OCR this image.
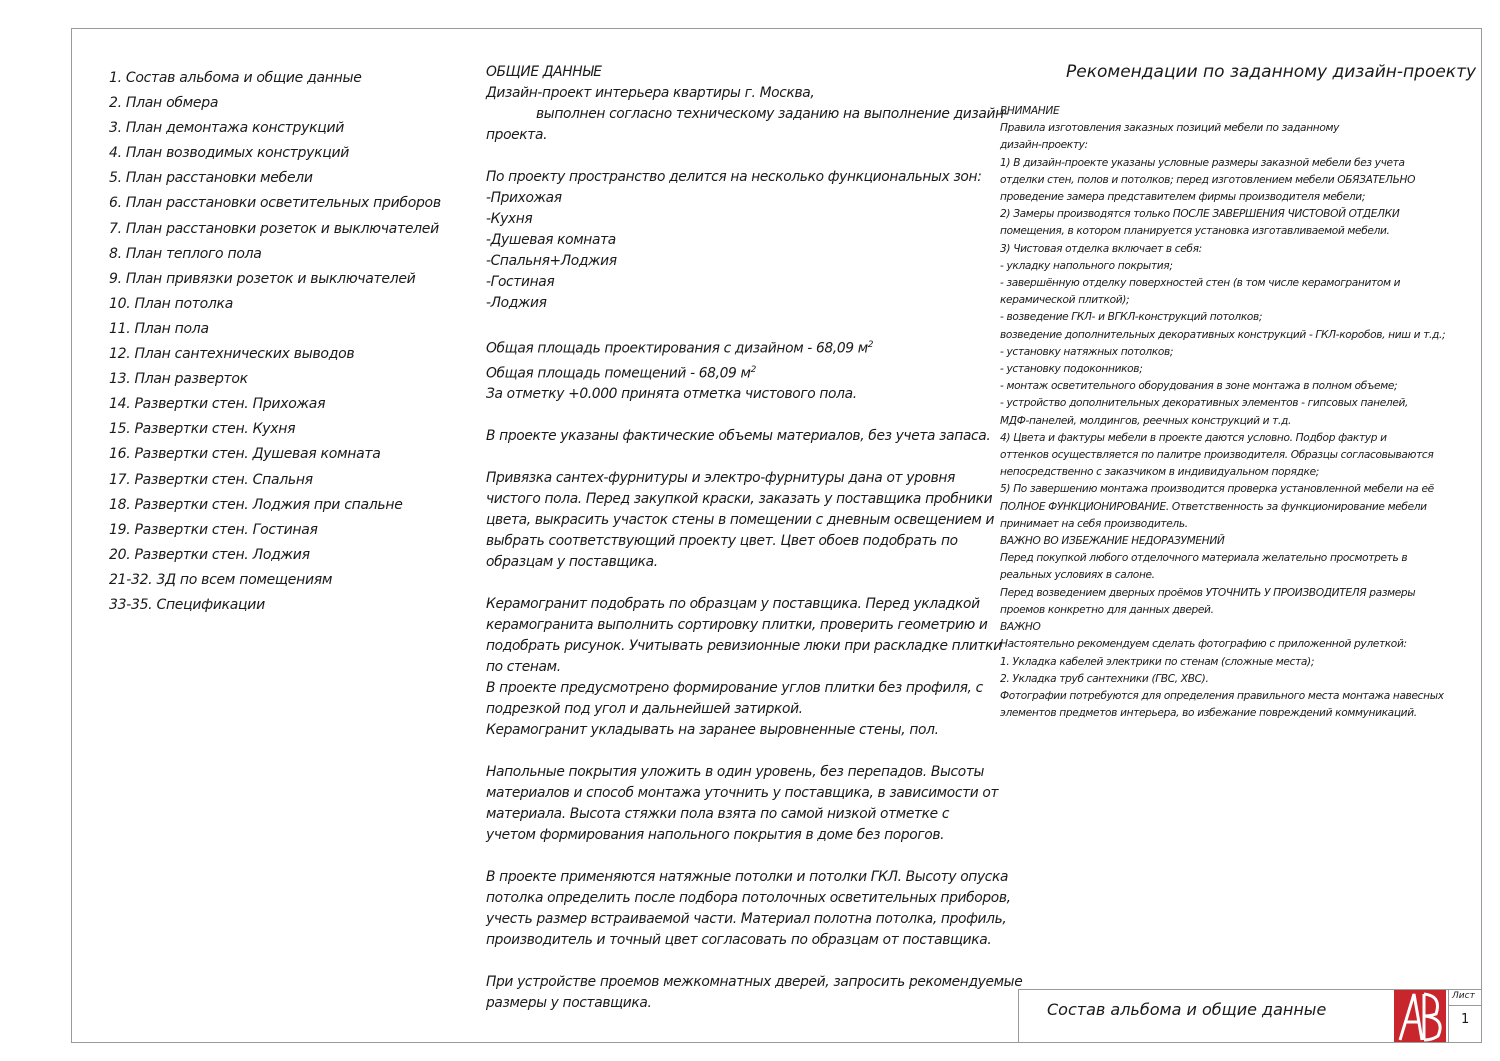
1. Состав альбома и общие данные
2. План обмера
3. План демонтажа конструкций
4. План возводимых конструкций
5. План расстановки мебели
6. План расстановки осветительных приборов
7. План расстановки розеток и выключателей
8. План теплого пола
9. План привязки розеток и выключателей
10. План потолка
11. План пола
12. План сантехнических выводов
13. План разверток
14. Развертки стен. Прихожая
15. Развертки стен. Кухня
16. Развертки стен. Душевая комната
17. Развертки стен. Спальня
18. Развертки стен. Лоджия при спальне
19. Развертки стен. Гостиная
20. Развертки стен. Лоджия
21-32. 3Д по всем помещениям
33-35. Спецификации
ОБЩИЕ ДАННЫЕ
Дизайн-проект интерьера квартиры г. Москва,
выполнен согласно техническому заданию на выполнение дизайн-
проекта.
По проекту пространство делится на несколько функциональных зон:
-Прихожая
-Кухня
-Душевая комната
-Спальня+Лоджия
-Гостиная
-Лоджия
Общая площадь проектирования с дизайном - 68,09 $м^2$
Общая площадь помещений - 68,09 $м^2$
За отметку +0.000 принята отметка чистового пола.
В проекте указаны фактические объемы материалов, без учета запаса.
Привязка сантех-фурнитуры и электро-фурнитуры дана от уровня
чистого пола. Перед закупкой краски, заказать у поставщика пробники
цвета, выкрасить участок стены в помещении с дневным освещением и
выбрать соответствующий проекту цвет. Цвет обоев подобрать по
образцам у поставщика.
Керамогранит подобрать по образцам у поставщика. Перед укладкой
керамогранита выполнить сортировку плитки, проверить геометрию и
подобрать рисунок. Учитывать ревизионные люки при раскладке плитки
по стенам.
В проекте предусмотрено формирование углов плитки без профиля, с
подрезкой под угол и дальнейшей затиркой.
Керамогранит укладывать на заранее выровненные стены, пол.
Напольные покрытия уложить в один уровень, без перепадов. Высоты
материалов и способ монтажа уточнить у поставщика, в зависимости от
материала. Высота стяжки пола взята по самой низкой отметке с
учетом формирования напольного покрытия в доме без порогов.
В проекте применяются натяжные потолки и потолки ГКЛ. Высоту опуска
потолка определить после подбора потолочных осветительных приборов,
учесть размер встраиваемой части. Материал полотна потолка, профиль,
производитель и точный цвет согласовать по образцам от поставщика.
При устройстве проемов межкомнатных дверей, запросить рекомендуемые
размеры у поставщика.
Рекомендации по заданному дизайн-проекту
ВНИМАНИЕ
Правила изготовления заказных позиций мебели по заданному
дизайн-проекту:
1) В дизайн-проекте указаны условные размеры заказной мебели без учета
отделки стен, полов и потолков; перед изготовлением мебели ОБЯЗАТЕЛЬНО
проведение замера представителем фирмы производителя мебели;
2) Замеры производятся только ПОСЛЕ ЗАВЕРШЕНИЯ ЧИСТОВОЙ ОТДЕЛКИ
помещения, в котором планируется установка изготавливаемой мебели.
3) Чистовая отделка включает в себя:
- укладку напольного покрытия;
- завершённую отделку поверхностей стен (в том числе керамогранитом и
керамической плиткой);
- возведение ГКЛ- и ВГКЛ-конструкций потолков;
возведение дополнительных декоративных конструкций - ГКЛ-коробов, ниш и т.д.;
- установку натяжных потолков;
- установку подоконников;
- монтаж осветительного оборудования в зоне монтажа в полном объеме;
- устройство дополнительных декоративных элементов - гипсовых панелей,
МДФ-панелей, молдингов, реечных конструкций и т.д.
4) Цвета и фактуры мебели в проекте даются условно. Подбор фактур и
оттенков осуществляется по палитре производителя. Образцы согласовываются
непосредственно с заказчиком в индивидуальном порядке;
5) По завершению монтажа производится проверка установленной мебели на её
ПОЛНОЕ ФУНКЦИОНИРОВАНИЕ. Ответственность за функционирование мебели
принимает на себя производитель.
ВАЖНО ВО ИЗБЕЖАНИЕ НЕДОРАЗУМЕНИЙ
Перед покупкой любого отделочного материала желательно просмотреть в
реальных условиях в салоне.
Перед возведением дверных проёмов УТОЧНИТЬ У ПРОИЗВОДИТЕЛЯ размеры
проемов конкретно для данных дверей.
ВАЖНО
Настоятельно рекомендуем сделать фотографию с приложенной рулеткой:
1. Укладка кабелей электрики по стенам (сложные места);
2. Укладка труб сантехники (ГВС, ХВС).
Фотографии потребуются для определения правильного места монтажа навесных
элементов предметов интерьера, во избежание повреждений коммуникаций.
Состав альбома и общие данные
Лист
1
